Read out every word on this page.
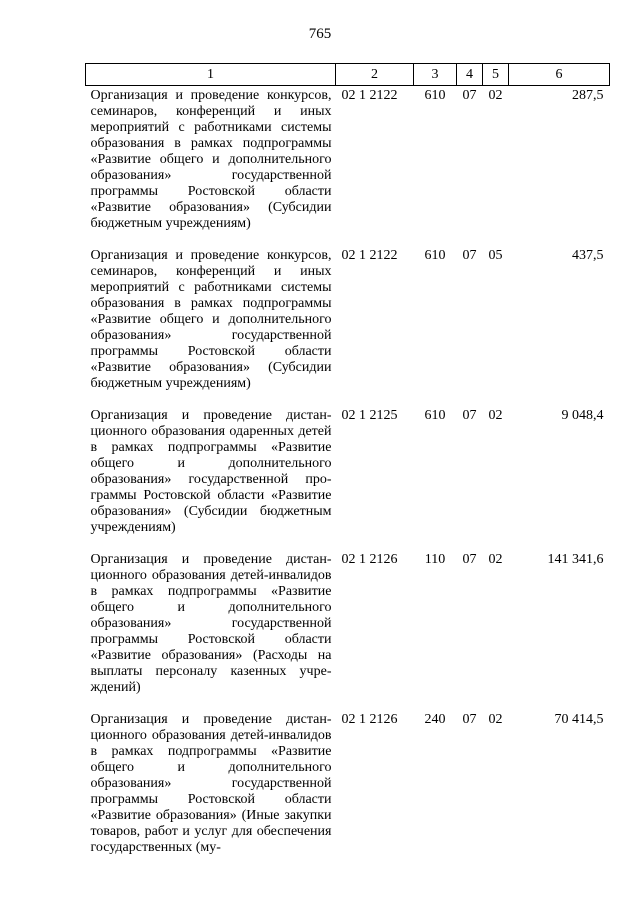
765
1	2	3	4	5	6
Организация и проведение конкурсов, семинаров, конференций и иных мероприятий с работниками системы образования в рамках подпрограммы «Развитие общего и дополнительного образования» государственной программы Ростовской области «Развитие образования» (Субсидии бюджетным учреждениям)	02 1 2122	610	07	02	287,5
Организация и проведение конкурсов, семинаров, конференций и иных мероприятий с работниками системы образования в рамках подпрограммы «Развитие общего и дополнительного образования» государственной программы Ростовской области «Развитие образования» (Субсидии бюджетным учреждениям)	02 1 2122	610	07	05	437,5
Организация и проведение дистанционного образования одаренных детей в рамках подпрограммы «Развитие общего и дополнительного образования» государственной программы Ростовской области «Развитие образования» (Субсидии бюджетным учреждениям)	02 1 2125	610	07	02	9 048,4
Организация и проведение дистанционного образования детей-инвалидов в рамках подпрограммы «Развитие общего и дополнительного образования» государственной программы Ростовской области «Развитие образования» (Расходы на выплаты персоналу казенных учреждений)	02 1 2126	110	07	02	141 341,6
Организация и проведение дистанционного образования детей-инвалидов в рамках подпрограммы «Развитие общего и дополнительного образования» государственной программы Ростовской области «Развитие образования» (Иные закупки товаров, работ и услуг для обеспечения государственных (му-	02 1 2126	240	07	02	70 414,5
